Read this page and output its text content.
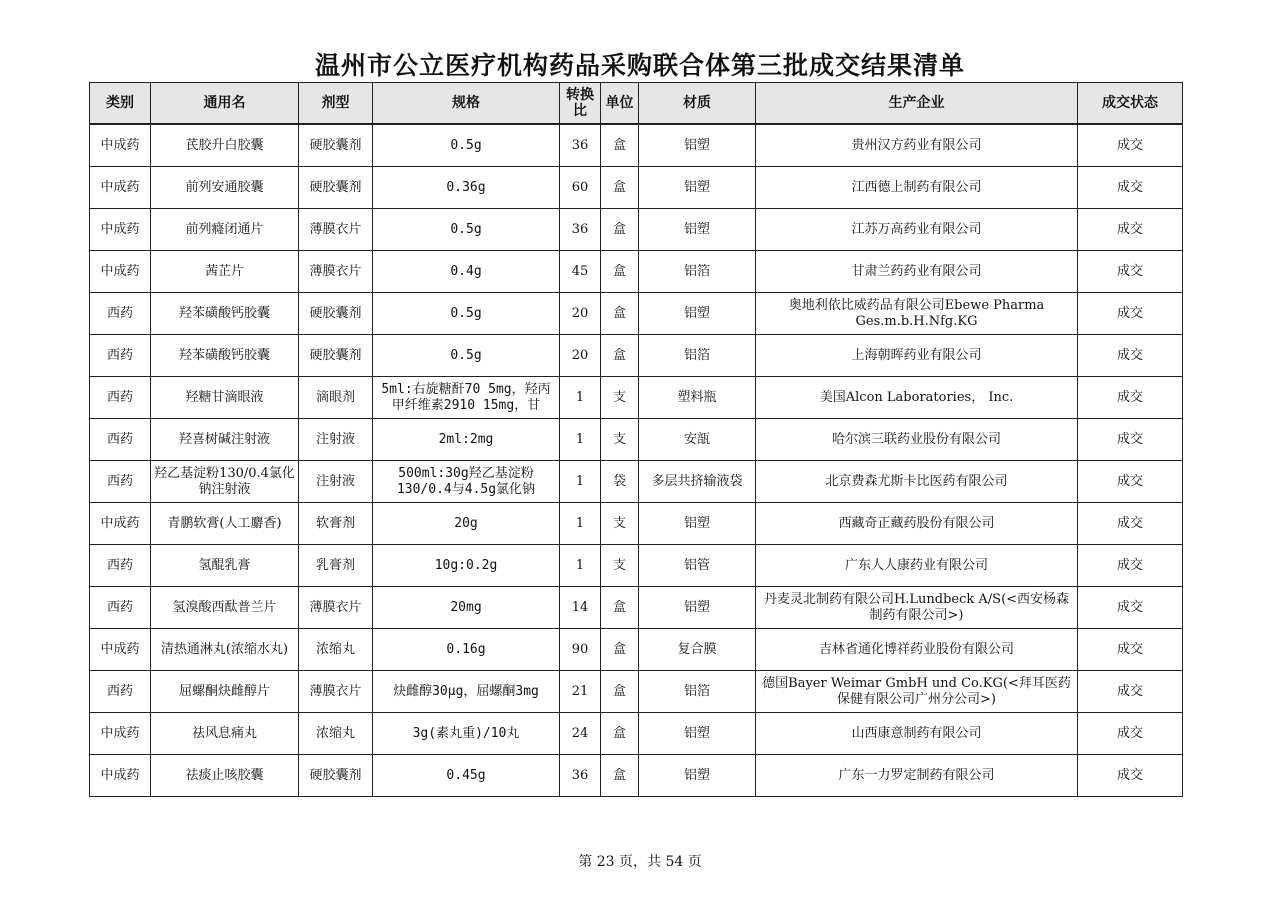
温州市公立医疗机构药品采购联合体第三批成交结果清单
类别	通用名	剂型	规格	转换比	单位	材质	生产企业	成交状态
中成药	芪胶升白胶囊	硬胶囊剂	0.5g	36	盒	铝塑	贵州汉方药业有限公司	成交
中成药	前列安通胶囊	硬胶囊剂	0.36g	60	盒	铝塑	江西德上制药有限公司	成交
中成药	前列癃闭通片	薄膜衣片	0.5g	36	盒	铝塑	江苏万高药业有限公司	成交
中成药	茜芷片	薄膜衣片	0.4g	45	盒	铝箔	甘肃兰药药业有限公司	成交
西药	羟苯磺酸钙胶囊	硬胶囊剂	0.5g	20	盒	铝塑	奥地利依比威药品有限公司Ebewe Pharma Ges.m.b.H.Nfg.KG	成交
西药	羟苯磺酸钙胶囊	硬胶囊剂	0.5g	20	盒	铝箔	上海朝晖药业有限公司	成交
西药	羟糖甘滴眼液	滴眼剂	5ml:右旋糖酐70 5mg，羟丙甲纤维素2910 15mg，甘	1	支	塑料瓶	美国Alcon Laboratories， Inc.	成交
西药	羟喜树碱注射液	注射液	2ml:2mg	1	支	安瓿	哈尔滨三联药业股份有限公司	成交
西药	羟乙基淀粉130/0.4氯化钠注射液	注射液	500ml:30g羟乙基淀粉130/0.4与4.5g氯化钠	1	袋	多层共挤输液袋	北京费森尤斯卡比医药有限公司	成交
中成药	青鹏软膏(人工麝香)	软膏剂	20g	1	支	铝塑	西藏奇正藏药股份有限公司	成交
西药	氢醌乳膏	乳膏剂	10g:0.2g	1	支	铝管	广东人人康药业有限公司	成交
西药	氢溴酸西酞普兰片	薄膜衣片	20mg	14	盒	铝塑	丹麦灵北制药有限公司H.Lundbeck A/S(<西安杨森制药有限公司>)	成交
中成药	清热通淋丸(浓缩水丸)	浓缩丸	0.16g	90	盒	复合膜	吉林省通化博祥药业股份有限公司	成交
西药	屈螺酮炔雌醇片	薄膜衣片	炔雌醇30μg，屈螺酮3mg	21	盒	铝箔	德国Bayer Weimar GmbH und Co.KG(<拜耳医药保健有限公司广州分公司>)	成交
中成药	祛风息痛丸	浓缩丸	3g(素丸重)/10丸	24	盒	铝塑	山西康意制药有限公司	成交
中成药	祛痰止咳胶囊	硬胶囊剂	0.45g	36	盒	铝塑	广东一力罗定制药有限公司	成交
第 23 页，共 54 页
